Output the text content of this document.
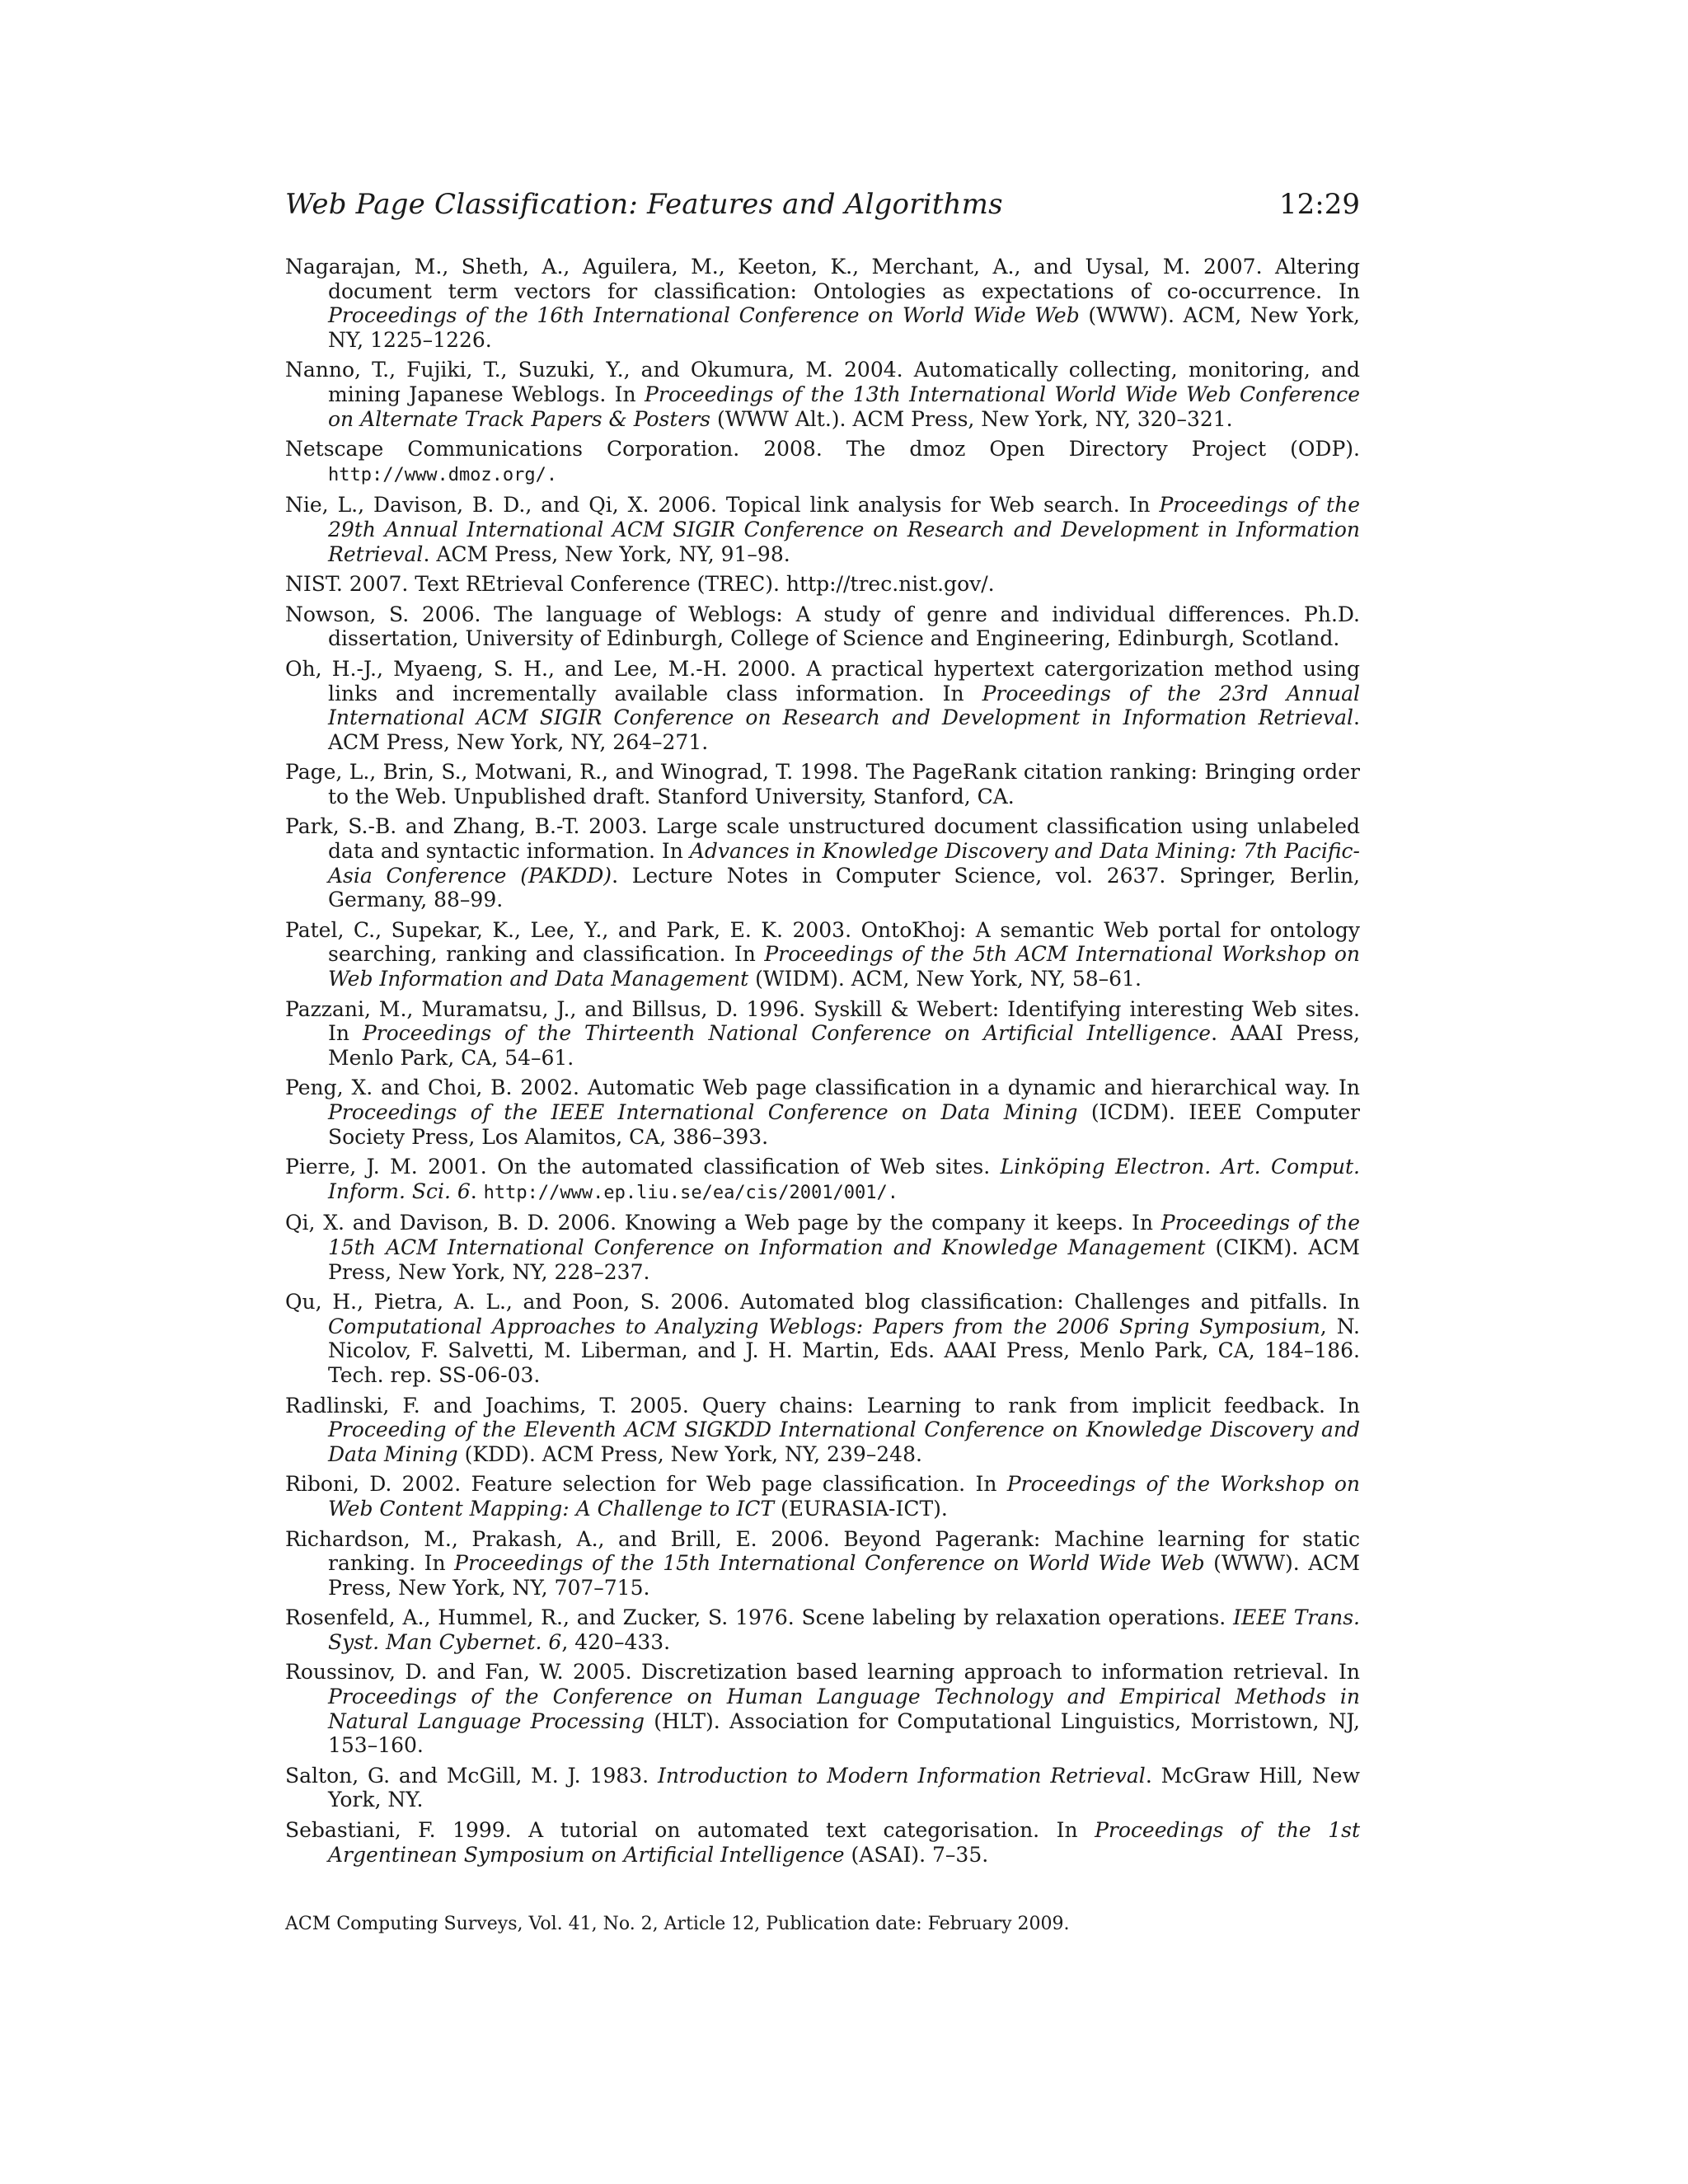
Web Page Classification: Features and Algorithms	12:29

Nagarajan, M., Sheth, A., Aguilera, M., Keeton, K., Merchant, A., and Uysal, M. 2007. Altering document term vectors for classification: Ontologies as expectations of co-occurrence. In Proceedings of the 16th International Conference on World Wide Web (WWW). ACM, New York, NY, 1225–1226.

Nanno, T., Fujiki, T., Suzuki, Y., and Okumura, M. 2004. Automatically collecting, monitoring, and mining Japanese Weblogs. In Proceedings of the 13th International World Wide Web Conference on Alternate Track Papers & Posters (WWW Alt.). ACM Press, New York, NY, 320–321.

Netscape Communications Corporation. 2008. The dmoz Open Directory Project (ODP). http://www.dmoz.org/.

Nie, L., Davison, B. D., and Qi, X. 2006. Topical link analysis for Web search. In Proceedings of the 29th Annual International ACM SIGIR Conference on Research and Development in Information Retrieval. ACM Press, New York, NY, 91–98.

NIST. 2007. Text REtrieval Conference (TREC). http://trec.nist.gov/.

Nowson, S. 2006. The language of Weblogs: A study of genre and individual differences. Ph.D. dissertation, University of Edinburgh, College of Science and Engineering, Edinburgh, Scotland.

Oh, H.-J., Myaeng, S. H., and Lee, M.-H. 2000. A practical hypertext catergorization method using links and incrementally available class information. In Proceedings of the 23rd Annual International ACM SIGIR Conference on Research and Development in Information Retrieval. ACM Press, New York, NY, 264–271.

Page, L., Brin, S., Motwani, R., and Winograd, T. 1998. The PageRank citation ranking: Bringing order to the Web. Unpublished draft. Stanford University, Stanford, CA.

Park, S.-B. and Zhang, B.-T. 2003. Large scale unstructured document classification using unlabeled data and syntactic information. In Advances in Knowledge Discovery and Data Mining: 7th Pacific-Asia Conference (PAKDD). Lecture Notes in Computer Science, vol. 2637. Springer, Berlin, Germany, 88–99.

Patel, C., Supekar, K., Lee, Y., and Park, E. K. 2003. OntoKhoj: A semantic Web portal for ontology searching, ranking and classification. In Proceedings of the 5th ACM International Workshop on Web Information and Data Management (WIDM). ACM, New York, NY, 58–61.

Pazzani, M., Muramatsu, J., and Billsus, D. 1996. Syskill & Webert: Identifying interesting Web sites. In Proceedings of the Thirteenth National Conference on Artificial Intelligence. AAAI Press, Menlo Park, CA, 54–61.

Peng, X. and Choi, B. 2002. Automatic Web page classification in a dynamic and hierarchical way. In Proceedings of the IEEE International Conference on Data Mining (ICDM). IEEE Computer Society Press, Los Alamitos, CA, 386–393.

Pierre, J. M. 2001. On the automated classification of Web sites. Linköping Electron. Art. Comput. Inform. Sci. 6. http://www.ep.liu.se/ea/cis/2001/001/.

Qi, X. and Davison, B. D. 2006. Knowing a Web page by the company it keeps. In Proceedings of the 15th ACM International Conference on Information and Knowledge Management (CIKM). ACM Press, New York, NY, 228–237.

Qu, H., Pietra, A. L., and Poon, S. 2006. Automated blog classification: Challenges and pitfalls. In Computational Approaches to Analyzing Weblogs: Papers from the 2006 Spring Symposium, N. Nicolov, F. Salvetti, M. Liberman, and J. H. Martin, Eds. AAAI Press, Menlo Park, CA, 184–186. Tech. rep. SS-06-03.

Radlinski, F. and Joachims, T. 2005. Query chains: Learning to rank from implicit feedback. In Proceeding of the Eleventh ACM SIGKDD International Conference on Knowledge Discovery and Data Mining (KDD). ACM Press, New York, NY, 239–248.

Riboni, D. 2002. Feature selection for Web page classification. In Proceedings of the Workshop on Web Content Mapping: A Challenge to ICT (EURASIA-ICT).

Richardson, M., Prakash, A., and Brill, E. 2006. Beyond Pagerank: Machine learning for static ranking. In Proceedings of the 15th International Conference on World Wide Web (WWW). ACM Press, New York, NY, 707–715.

Rosenfeld, A., Hummel, R., and Zucker, S. 1976. Scene labeling by relaxation operations. IEEE Trans. Syst. Man Cybernet. 6, 420–433.

Roussinov, D. and Fan, W. 2005. Discretization based learning approach to information retrieval. In Proceedings of the Conference on Human Language Technology and Empirical Methods in Natural Language Processing (HLT). Association for Computational Linguistics, Morristown, NJ, 153–160.

Salton, G. and McGill, M. J. 1983. Introduction to Modern Information Retrieval. McGraw Hill, New York, NY.

Sebastiani, F. 1999. A tutorial on automated text categorisation. In Proceedings of the 1st Argentinean Symposium on Artificial Intelligence (ASAI). 7–35.

ACM Computing Surveys, Vol. 41, No. 2, Article 12, Publication date: February 2009.
